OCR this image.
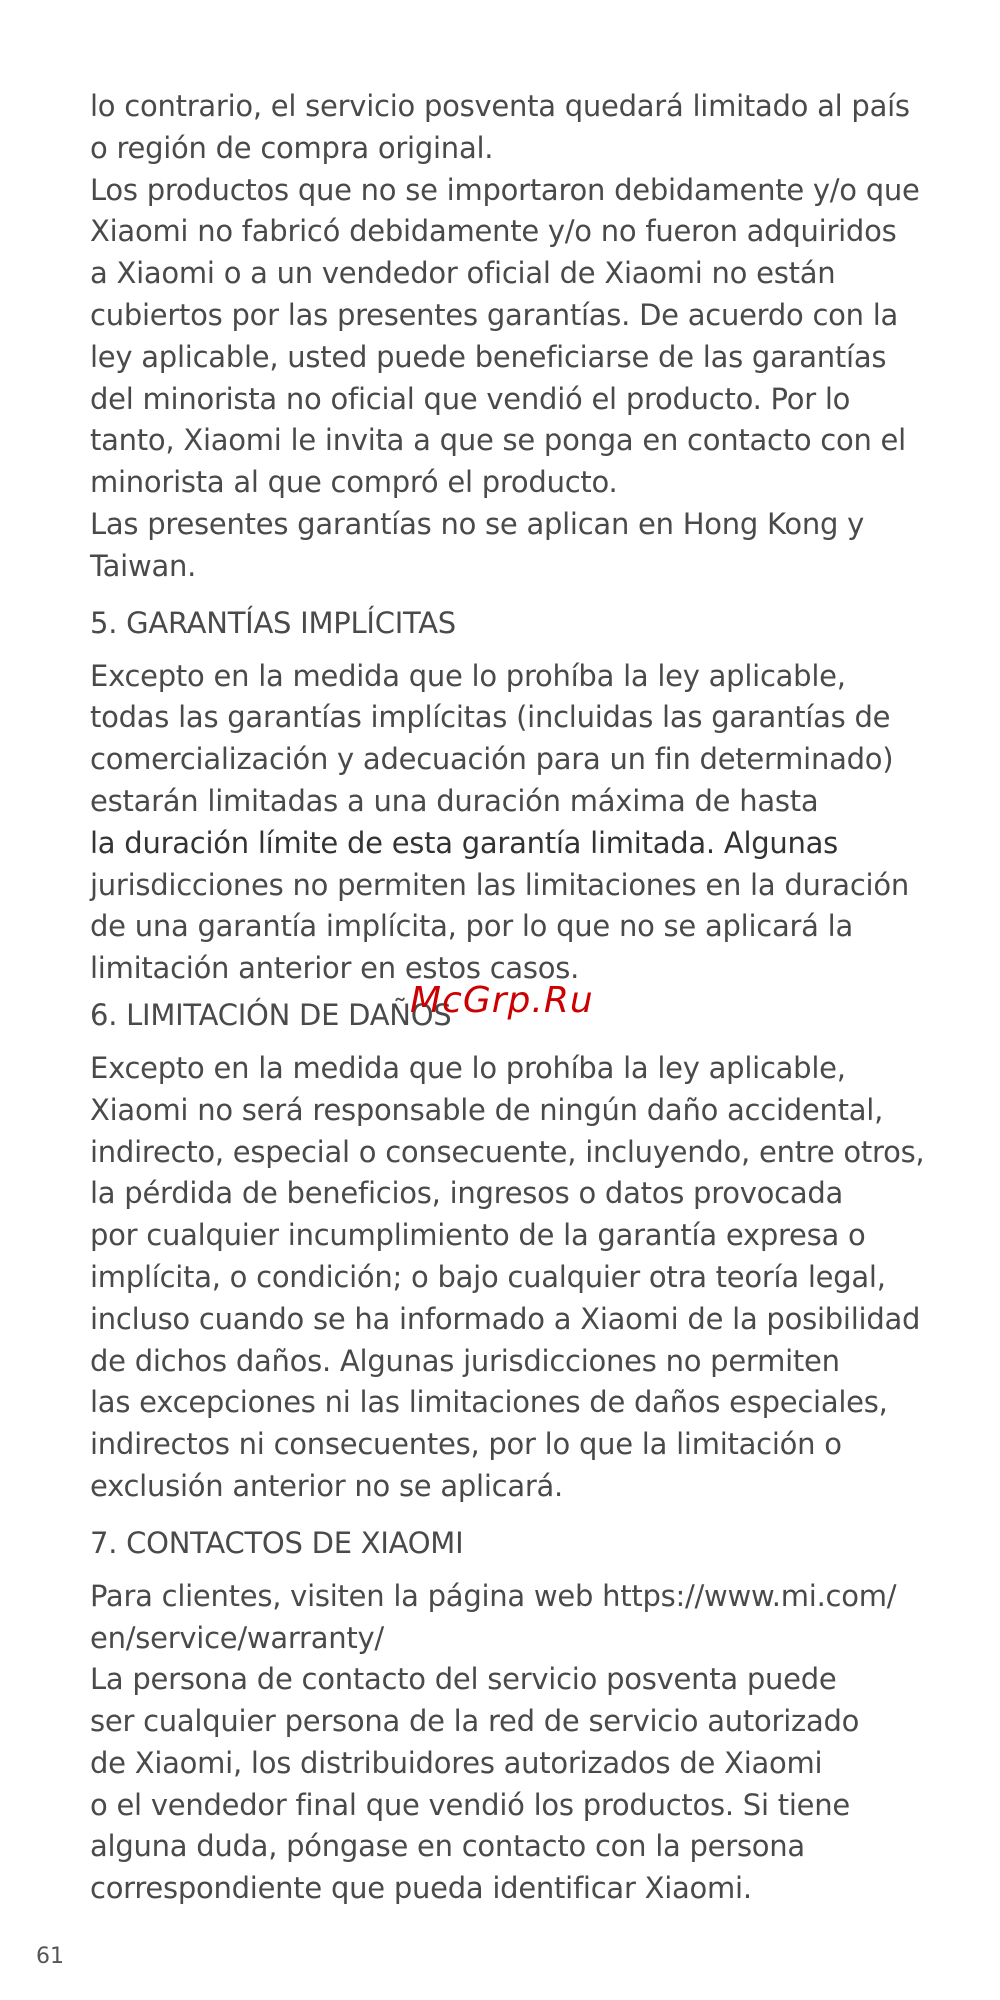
lo contrario, el servicio posventa quedará limitado al país
o región de compra original.
Los productos que no se importaron debidamente y/o que
Xiaomi no fabricó debidamente y/o no fueron adquiridos
a Xiaomi o a un vendedor oficial de Xiaomi no están
cubiertos por las presentes garantías. De acuerdo con la
ley aplicable, usted puede beneficiarse de las garantías
del minorista no oficial que vendió el producto. Por lo
tanto, Xiaomi le invita a que se ponga en contacto con el
minorista al que compró el producto.
Las presentes garantías no se aplican en Hong Kong y
Taiwan.
5. GARANTÍAS IMPLÍCITAS
Excepto en la medida que lo prohíba la ley aplicable,
todas las garantías implícitas (incluidas las garantías de
comercialización y adecuación para un fin determinado)
estarán limitadas a una duración máxima de hasta
la duración límite de esta garantía limitada. Algunas
jurisdicciones no permiten las limitaciones en la duración
de una garantía implícita, por lo que no se aplicará la
limitación anterior en estos casos.
6. LIMITACIÓN DE DAÑOS
Excepto en la medida que lo prohíba la ley aplicable,
Xiaomi no será responsable de ningún daño accidental,
indirecto, especial o consecuente, incluyendo, entre otros,
la pérdida de beneficios, ingresos o datos provocada
por cualquier incumplimiento de la garantía expresa o
implícita, o condición; o bajo cualquier otra teoría legal,
incluso cuando se ha informado a Xiaomi de la posibilidad
de dichos daños. Algunas jurisdicciones no permiten
las excepciones ni las limitaciones de daños especiales,
indirectos ni consecuentes, por lo que la limitación o
exclusión anterior no se aplicará.
7. CONTACTOS DE XIAOMI
Para clientes, visiten la página web https://www.mi.com/
en/service/warranty/
La persona de contacto del servicio posventa puede
ser cualquier persona de la red de servicio autorizado
de Xiaomi, los distribuidores autorizados de Xiaomi
o el vendedor final que vendió los productos. Si tiene
alguna duda, póngase en contacto con la persona
correspondiente que pueda identificar Xiaomi.
McGrp.Ru
61
